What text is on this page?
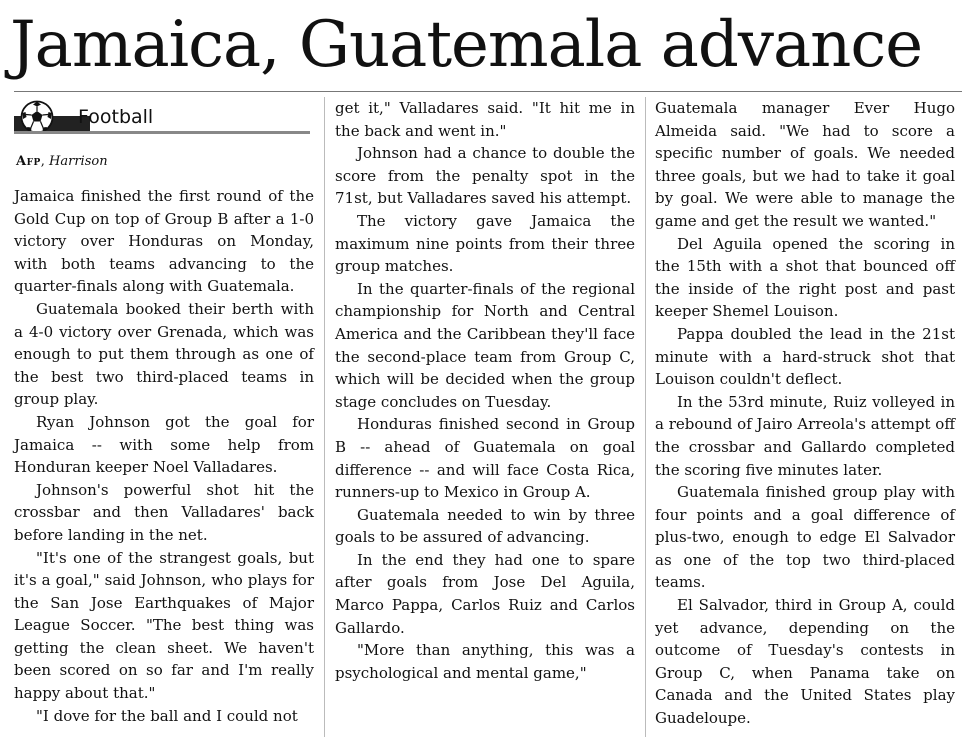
Jamaica, Guatemala advance
Football
Afp, Harrison

Jamaica finished the first round of the Gold Cup on top of Group B after a 1-0 victory over Honduras on Monday, with both teams advancing to the quarter-finals along with Guatemala.

Guatemala booked their berth with a 4-0 victory over Grenada, which was enough to put them through as one of the best two third-placed teams in group play.

Ryan Johnson got the goal for Jamaica -- with some help from Honduran keeper Noel Valladares.

Johnson's powerful shot hit the crossbar and then Valladares' back before landing in the net.

"It's one of the strangest goals, but it's a goal," said Johnson, who plays for the San Jose Earthquakes of Major League Soccer. "The best thing was getting the clean sheet. We haven't been scored on so far and I'm really happy about that."

"I dove for the ball and I could not

get it," Valladares said. "It hit me in the back and went in."

Johnson had a chance to double the score from the penalty spot in the 71st, but Valladares saved his attempt.

The victory gave Jamaica the maximum nine points from their three group matches.

In the quarter-finals of the regional championship for North and Central America and the Caribbean they'll face the second-place team from Group C, which will be decided when the group stage concludes on Tuesday.

Honduras finished second in Group B -- ahead of Guatemala on goal difference -- and will face Costa Rica, runners-up to Mexico in Group A.

Guatemala needed to win by three goals to be assured of advancing.

In the end they had one to spare after goals from Jose Del Aguila, Marco Pappa, Carlos Ruiz and Carlos Gallardo.

"More than anything, this was a psychological and mental game,"

Guatemala manager Ever Hugo Almeida said. "We had to score a specific number of goals. We needed three goals, but we had to take it goal by goal. We were able to manage the game and get the result we wanted."

Del Aguila opened the scoring in the 15th with a shot that bounced off the inside of the right post and past keeper Shemel Louison.

Pappa doubled the lead in the 21st minute with a hard-struck shot that Louison couldn't deflect.

In the 53rd minute, Ruiz volleyed in a rebound of Jairo Arreola's attempt off the crossbar and Gallardo completed the scoring five minutes later.

Guatemala finished group play with four points and a goal difference of plus-two, enough to edge El Salvador as one of the top two third-placed teams.

El Salvador, third in Group A, could yet advance, depending on the outcome of Tuesday's contests in Group C, when Panama take on Canada and the United States play Guadeloupe.
